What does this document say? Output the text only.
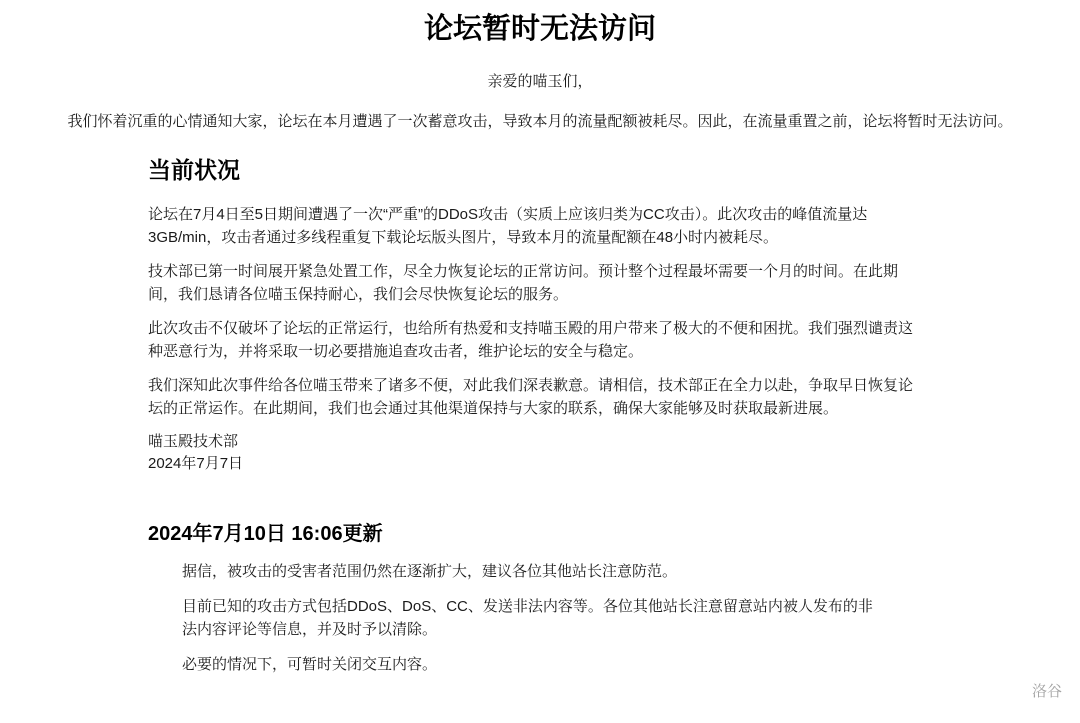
论坛暂时无法访问

亲爱的喵玉们，

我们怀着沉重的心情通知大家，论坛在本月遭遇了一次蓄意攻击，导致本月的流量配额被耗尽。因此，在流量重置之前，论坛将暂时无法访问。

当前状况

论坛在7月4日至5日期间遭遇了一次“严重”的DDoS攻击（实质上应该归类为CC攻击）。此次攻击的峰值流量达3GB/min，攻击者通过多线程重复下载论坛版头图片，导致本月的流量配额在48小时内被耗尽。

技术部已第一时间展开紧急处置工作，尽全力恢复论坛的正常访问。预计整个过程最坏需要一个月的时间。在此期间，我们恳请各位喵玉保持耐心，我们会尽快恢复论坛的服务。

此次攻击不仅破坏了论坛的正常运行，也给所有热爱和支持喵玉殿的用户带来了极大的不便和困扰。我们强烈谴责这种恶意行为，并将采取一切必要措施追查攻击者，维护论坛的安全与稳定。

我们深知此次事件给各位喵玉带来了诸多不便，对此我们深表歉意。请相信，技术部正在全力以赴，争取早日恢复论坛的正常运作。在此期间，我们也会通过其他渠道保持与大家的联系，确保大家能够及时获取最新进展。

喵玉殿技术部
2024年7月7日

2024年7月10日 16:06更新

据信，被攻击的受害者范围仍然在逐渐扩大，建议各位其他站长注意防范。

目前已知的攻击方式包括DDoS、DoS、CC、发送非法内容等。各位其他站长注意留意站内被人发布的非法内容评论等信息，并及时予以清除。

必要的情况下，可暂时关闭交互内容。

洛谷
